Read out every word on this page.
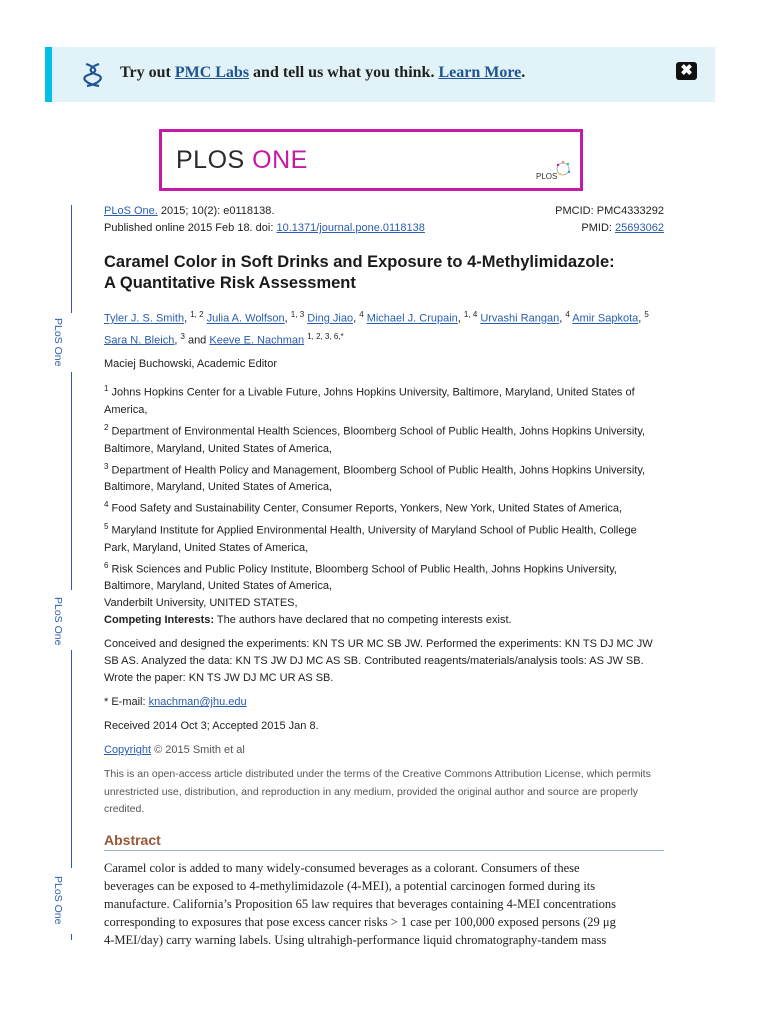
Try out PMC Labs and tell us what you think. Learn More.	✖
PLOS ONE
PLOS
PLoS One
PLoS One
PLoS One
PLoS One. 2015; 10(2): e0118138.	PMCID: PMC4333292
Published online 2015 Feb 18. doi: 10.1371/journal.pone.0118138	PMID: 25693062
Caramel Color in Soft Drinks and Exposure to 4-Methylimidazole:
A Quantitative Risk Assessment
Tyler J. S. Smith, $^{1, 2}$ Julia A. Wolfson, $^{1, 3}$ Ding Jiao, $^4$ Michael J. Crupain, $^{1, 4}$ Urvashi Rangan, $^4$ Amir Sapkota, $^5$
Sara N. Bleich, $^3$ and Keeve E. Nachman $^{1, 2, 3, 6,*}$
Maciej Buchowski, Academic Editor
$^1$ Johns Hopkins Center for a Livable Future, Johns Hopkins University, Baltimore, Maryland, United States of
America,
$^2$ Department of Environmental Health Sciences, Bloomberg School of Public Health, Johns Hopkins University,
Baltimore, Maryland, United States of America,
$^3$ Department of Health Policy and Management, Bloomberg School of Public Health, Johns Hopkins University,
Baltimore, Maryland, United States of America,
$^4$ Food Safety and Sustainability Center, Consumer Reports, Yonkers, New York, United States of America,
$^5$ Maryland Institute for Applied Environmental Health, University of Maryland School of Public Health, College
Park, Maryland, United States of America,
$^6$ Risk Sciences and Public Policy Institute, Bloomberg School of Public Health, Johns Hopkins University,
Baltimore, Maryland, United States of America,
Vanderbilt University, UNITED STATES,
Competing Interests: The authors have declared that no competing interests exist.
Conceived and designed the experiments: KN TS UR MC SB JW. Performed the experiments: KN TS DJ MC JW
SB AS. Analyzed the data: KN TS JW DJ MC AS SB. Contributed reagents/materials/analysis tools: AS JW SB.
Wrote the paper: KN TS JW DJ MC UR AS SB.
* E-mail: knachman@jhu.edu
Received 2014 Oct 3; Accepted 2015 Jan 8.
Copyright © 2015 Smith et al
This is an open-access article distributed under the terms of the Creative Commons Attribution License, which permits
unrestricted use, distribution, and reproduction in any medium, provided the original author and source are properly
credited.
Abstract
Caramel color is added to many widely-consumed beverages as a colorant. Consumers of these
beverages can be exposed to 4-methylimidazole (4-MEI), a potential carcinogen formed during its
manufacture. California’s Proposition 65 law requires that beverages containing 4-MEI concentrations
corresponding to exposures that pose excess cancer risks > 1 case per 100,000 exposed persons (29 μg
4-MEI/day) carry warning labels. Using ultrahigh-performance liquid chromatography-tandem mass
